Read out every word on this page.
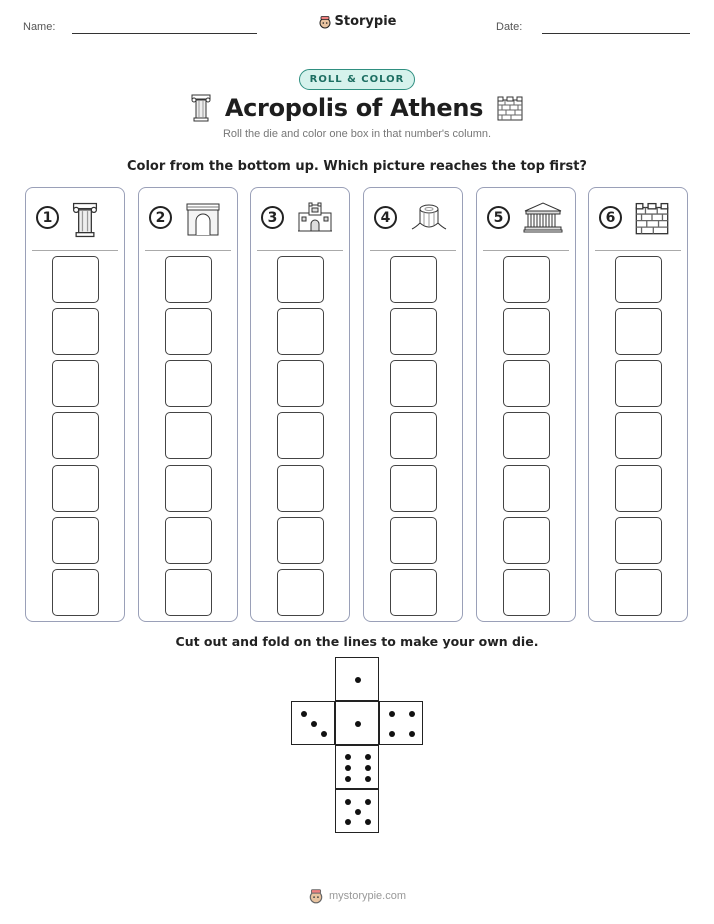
Name:	Storypie	Date:
ROLL & COLOR
Acropolis of Athens
Roll the die and color one box in that number's column.
Color from the bottom up. Which picture reaches the top first?
1	2	3	4	5	6
Cut out and fold on the lines to make your own die.
mystorypie.com
